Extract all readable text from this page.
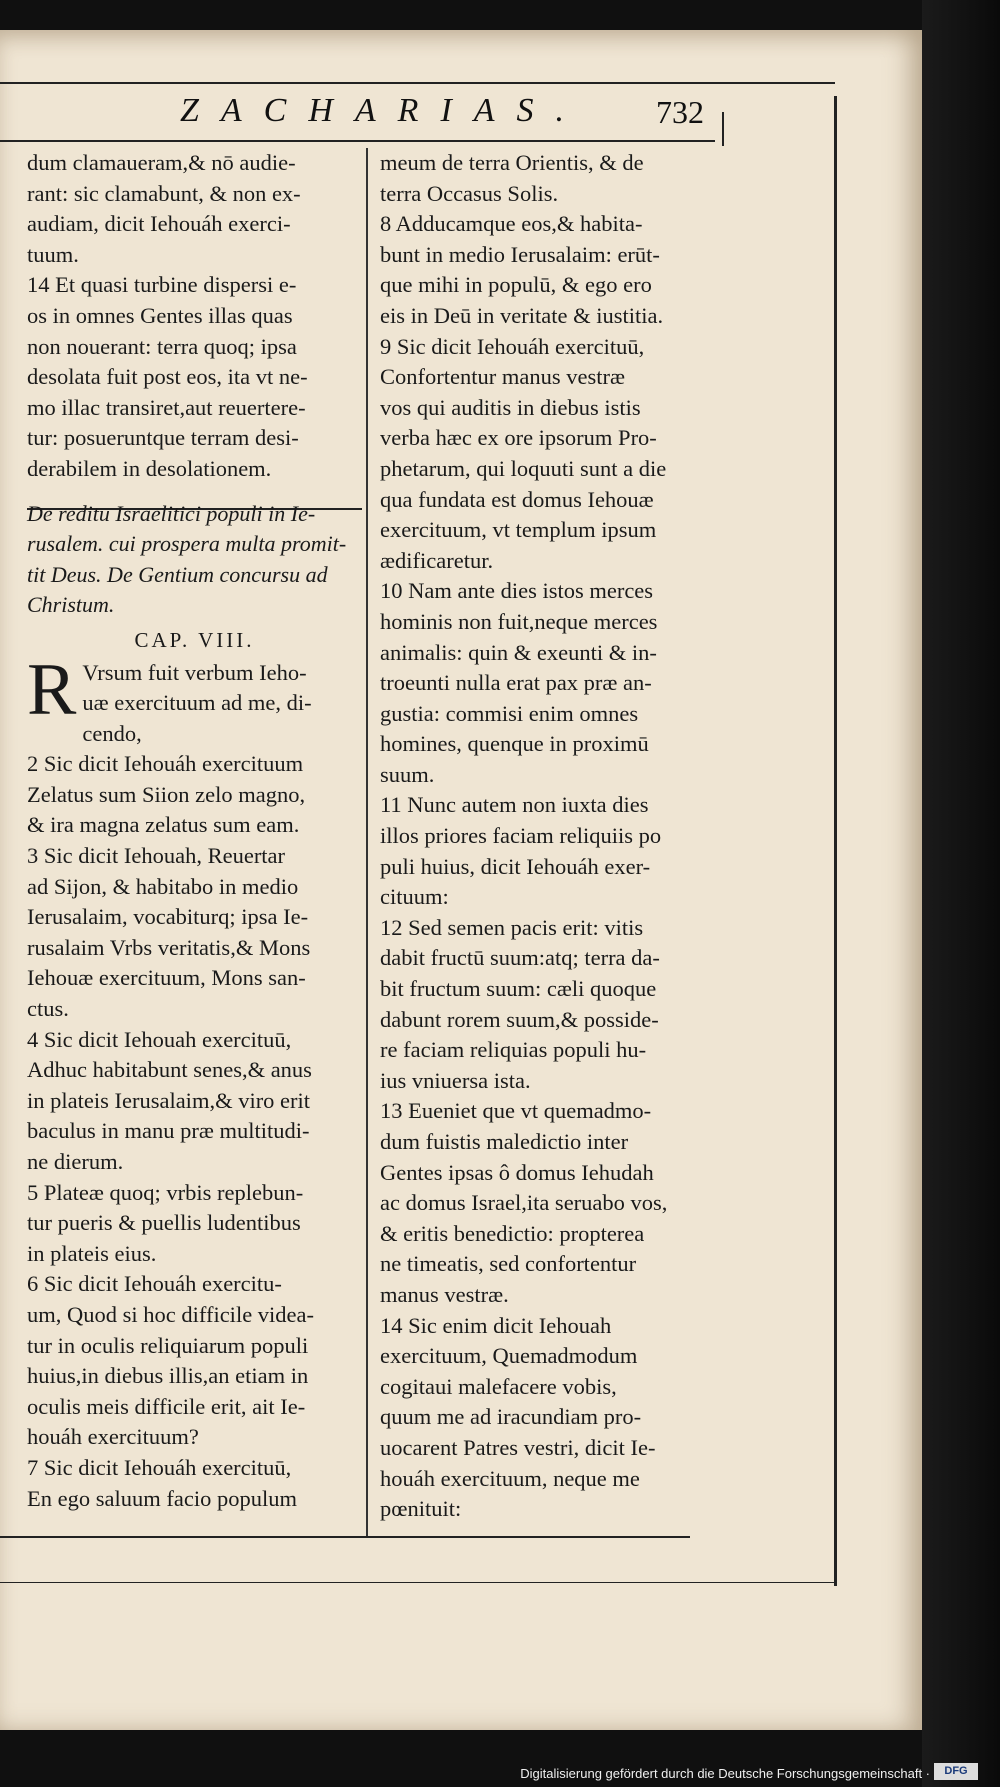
ZACHARIAS.	732
dum clamaueram,& nō audie-
rant: sic clamabunt, & non ex-
audiam, dicit Iehouáh exerci-
tuum.
14 Et quasi turbine dispersi e-
os in omnes Gentes illas quas
non nouerant: terra quoq; ipsa
desolata fuit post eos, ita vt ne-
mo illac transiret,aut reuertere-
tur: posueruntque terram desi-
derabilem in desolationem.
De reditu Israelitici populi in Ie-
rusalem. cui prospera multa promit-
tit Deus. De Gentium concursu ad
Christum.
CAP. VIII.
R Vrsum fuit verbum Ieho-
uæ exercituum ad me, di-
cendo,
2 Sic dicit Iehouáh exercituum
Zelatus sum Siion zelo magno,
& ira magna zelatus sum eam.
3 Sic dicit Iehouah, Reuertar
ad Sijon, & habitabo in medio
Ierusalaim, vocabiturq; ipsa Ie-
rusalaim Vrbs veritatis,& Mons
Iehouæ exercituum, Mons san-
ctus.
4 Sic dicit Iehouah exercituū,
Adhuc habitabunt senes,& anus
in plateis Ierusalaim,& viro erit
baculus in manu præ multitudi-
ne dierum.
5 Plateæ quoq; vrbis replebun-
tur pueris & puellis ludentibus
in plateis eius.
6 Sic dicit Iehouáh exercitu-
um, Quod si hoc difficile videa-
tur in oculis reliquiarum populi
huius,in diebus illis,an etiam in
oculis meis difficile erit, ait Ie-
houáh exercituum?
7 Sic dicit Iehouáh exercituū,
En ego saluum facio populum
meum de terra Orientis, & de
terra Occasus Solis.
8 Adducamque eos,& habita-
bunt in medio Ierusalaim: erūt-
que mihi in populū, & ego ero
eis in Deū in veritate & iustitia.
9 Sic dicit Iehouáh exercituū,
Confortentur manus vestræ
vos qui auditis in diebus istis
verba hæc ex ore ipsorum Pro-
phetarum, qui loquuti sunt a die
qua fundata est domus Iehouæ
exercituum, vt templum ipsum
ædificaretur.
10 Nam ante dies istos merces
hominis non fuit,neque merces
animalis: quin & exeunti & in-
troeunti nulla erat pax præ an-
gustia: commisi enim omnes
homines, quenque in proximū
suum.
11 Nunc autem non iuxta dies
illos priores faciam reliquiis po
puli huius, dicit Iehouáh exer-
cituum:
12 Sed semen pacis erit: vitis
dabit fructū suum:atq; terra da-
bit fructum suum: cæli quoque
dabunt rorem suum,& posside-
re faciam reliquias populi hu-
ius vniuersa ista.
13 Eueniet que vt quemadmo-
dum fuistis maledictio inter
Gentes ipsas ô domus Iehudah
ac domus Israel,ita seruabo vos,
& eritis benedictio: propterea
ne timeatis, sed confortentur
manus vestræ.
14 Sic enim dicit Iehouah
exercituum, Quemadmodum
cogitaui malefacere vobis,
quum me ad iracundiam pro-
uocarent Patres vestri, dicit Ie-
houáh exercituum, neque me
pœnituit:
Digitalisierung gefördert durch die Deutsche Forschungsgemeinschaft ·	DFG
